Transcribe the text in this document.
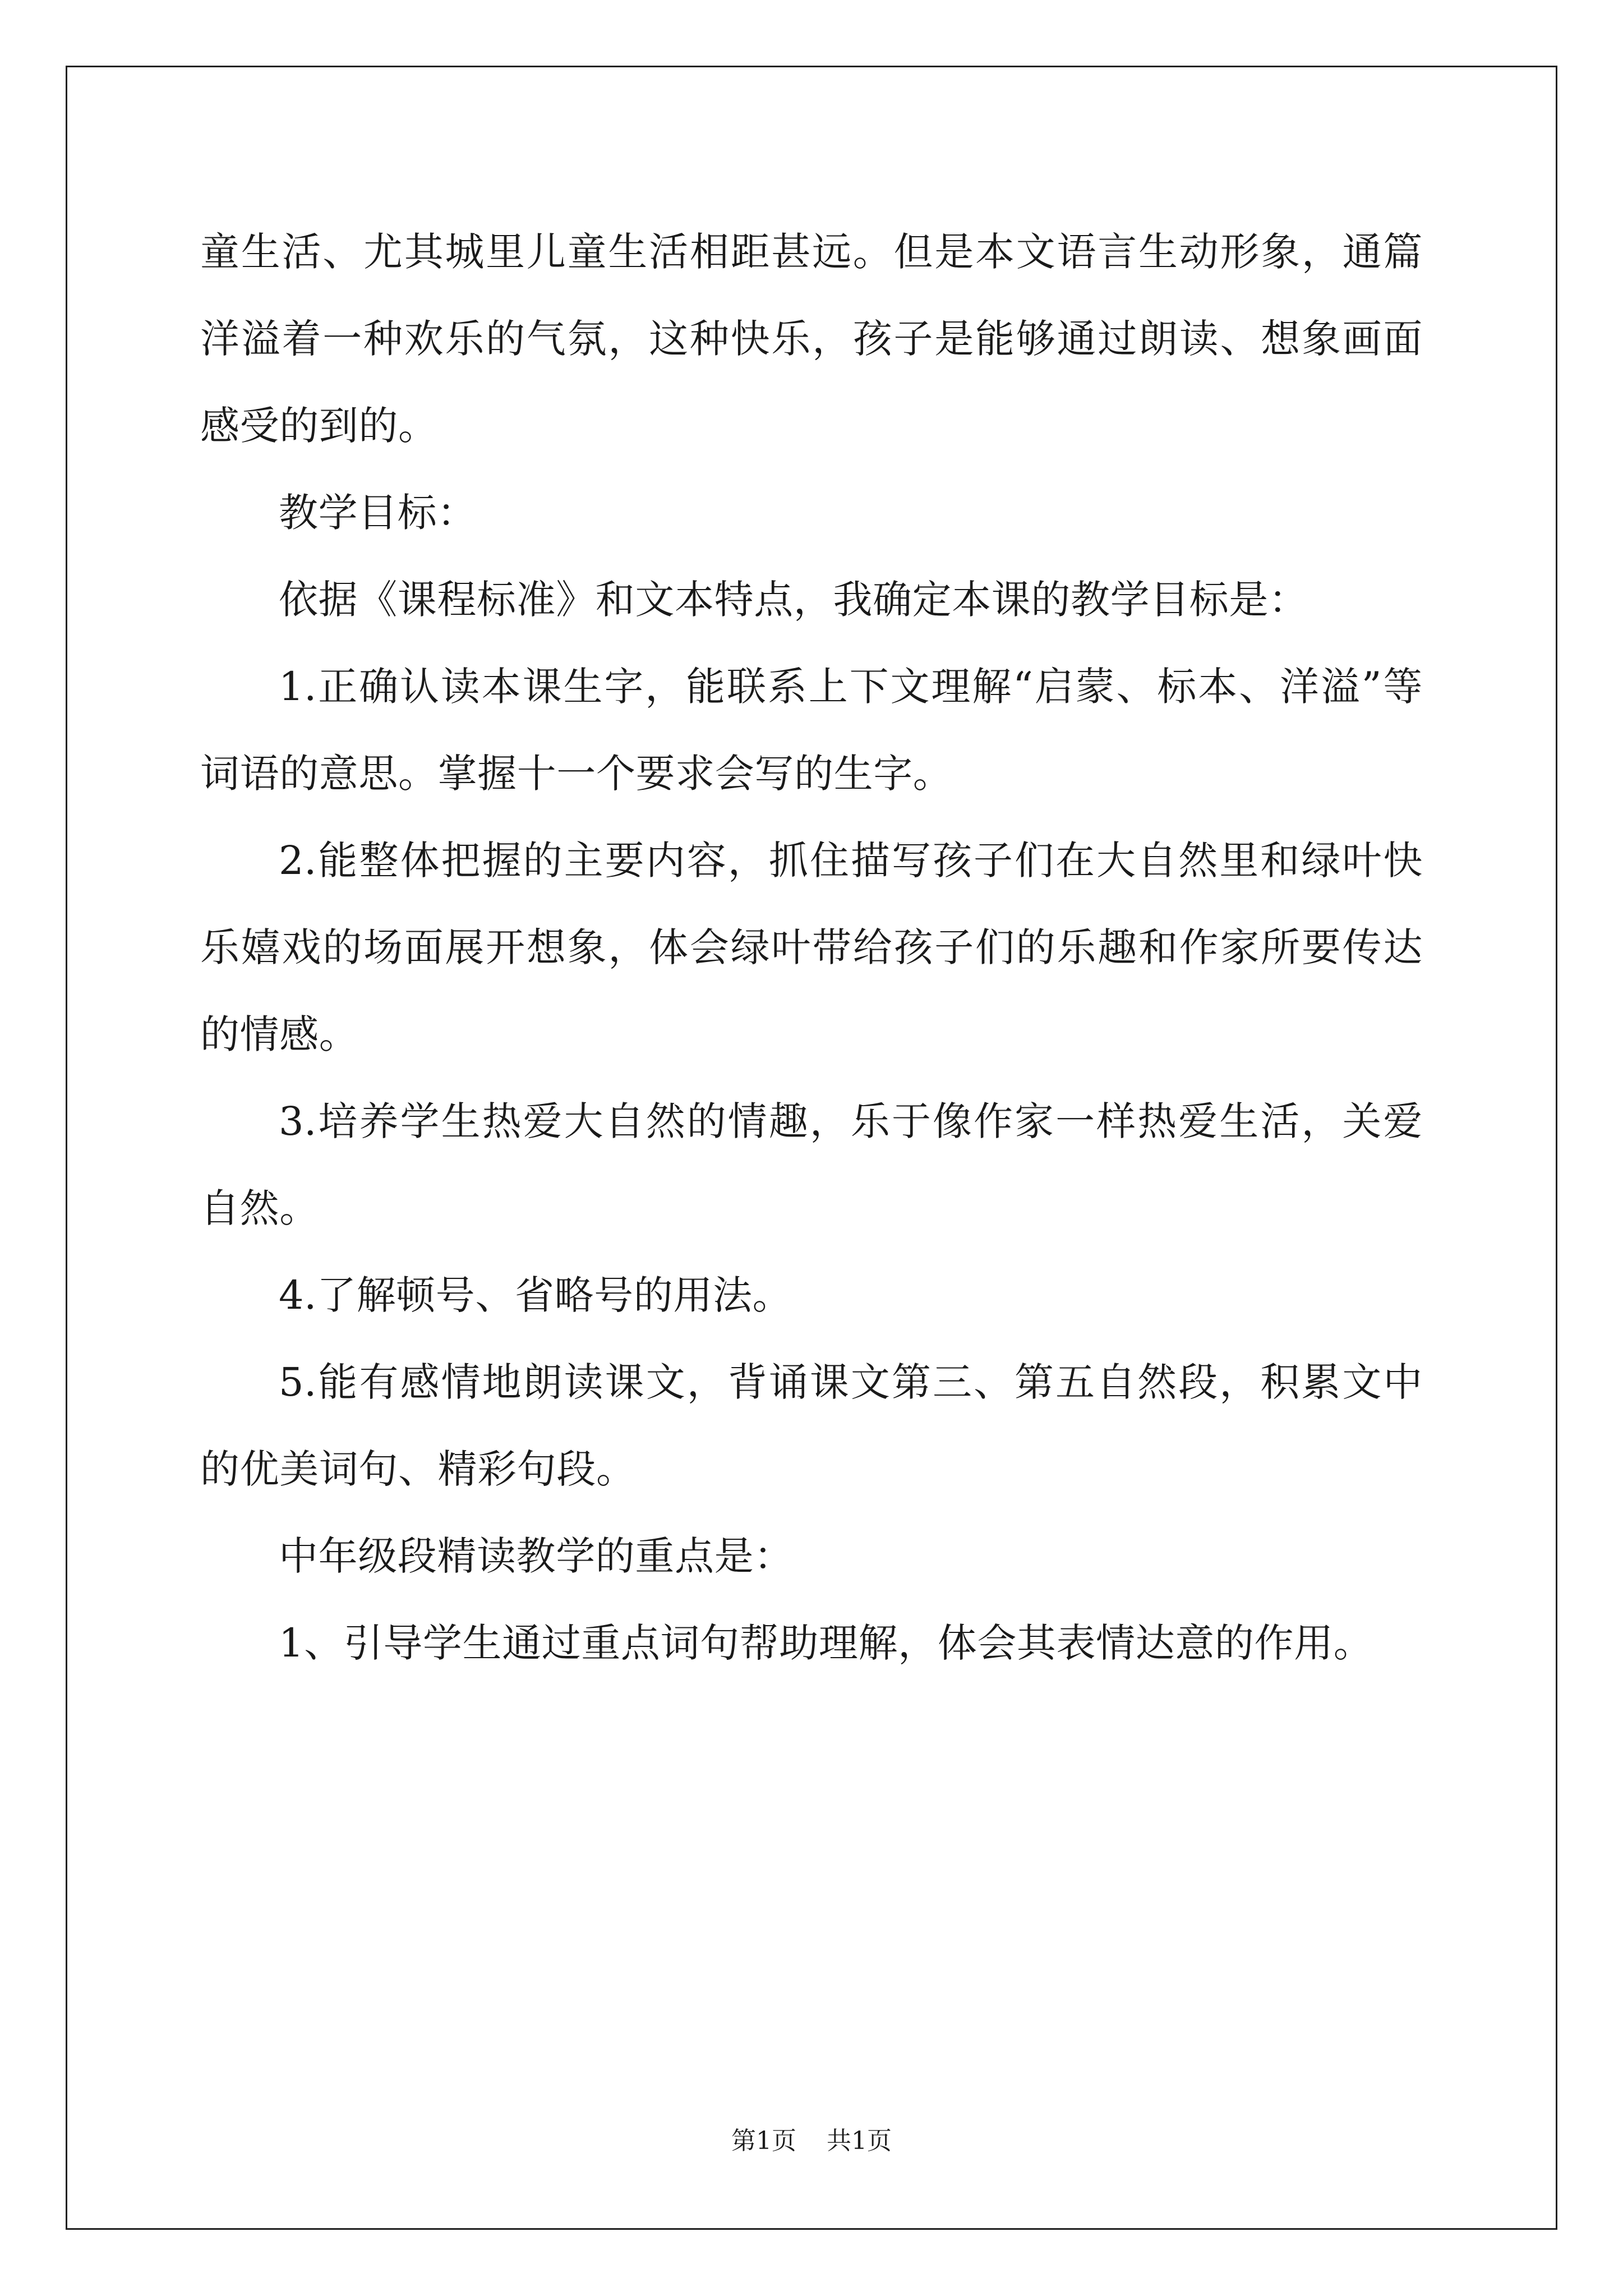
童生活、尤其城里儿童生活相距甚远。但是本文语言生动形象，通篇洋溢着一种欢乐的气氛，这种快乐，孩子是能够通过朗读、想象画面感受的到的。

教学目标：

依据《课程标准》和文本特点，我确定本课的教学目标是：

1.正确认读本课生字，能联系上下文理解“启蒙、标本、洋溢”等词语的意思。掌握十一个要求会写的生字。

2.能整体把握的主要内容，抓住描写孩子们在大自然里和绿叶快乐嬉戏的场面展开想象，体会绿叶带给孩子们的乐趣和作家所要传达的情感。

3.培养学生热爱大自然的情趣，乐于像作家一样热爱生活，关爱自然。

4.了解顿号、省略号的用法。

5.能有感情地朗读课文，背诵课文第三、第五自然段，积累文中的优美词句、精彩句段。

中年级段精读教学的重点是：

1、引导学生通过重点词句帮助理解，体会其表情达意的作用。

第1页 共1页
